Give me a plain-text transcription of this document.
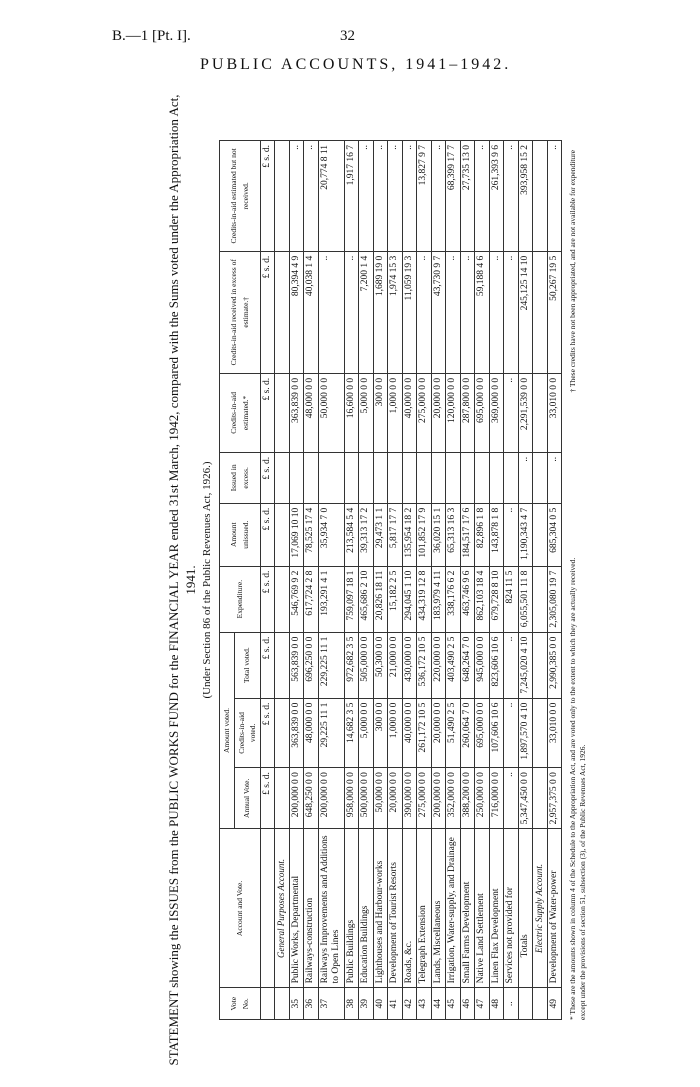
B.—1 [Pt. I].	32
PUBLIC ACCOUNTS, 1941–1942.
STATEMENT showing the ISSUES from the PUBLIC WORKS FUND for the FINANCIAL YEAR ended 31st March, 1942, compared with the Sums voted under the Appropriation Act, 1941. (Under Section 86 of the Public Revenues Act, 1926.)
Vote No.	Account and Vote.	Amount voted.			Expenditure.	Amount unissued.	Issued in excess.	Credits-in-aid estimated.*	Credits-in-aid received in excess of estimate.†	Credits-in-aid estimated but not received.
		Annual Vote.	Credits-in-aid voted.	Total voted.						
		£ s. d.	£ s. d.	£ s. d.	£ s. d.	£ s. d.	£ s. d.	£ s. d.	£ s. d.	£ s. d.
	General Purposes Account.									
35	Public Works, Departmental	200,000 0 0	363,839 0 0	563,839 0 0	546,769 9 2	17,069 10 10		363,839 0 0	80,394 4 9	..
36	Railways-construction	648,250 0 0	48,000 0 0	696,250 0 0	617,724 2 8	78,525 17 4		48,000 0 0	40,038 1 4	..
37	Railways Improvements and Additions to Open Lines	200,000 0 0	29,225 11 1	229,225 11 1	193,291 4 1	35,934 7 0		50,000 0 0	..	20,774 8 11
38	Public Buildings	958,000 0 0	14,682 3 5	972,682 3 5	759,097 18 1	213,584 5 4		16,600 0 0	..	1,917 16 7
39	Education Buildings	500,000 0 0	5,000 0 0	505,000 0 0	465,686 2 10	39,313 17 2		5,000 0 0	7,200 1 4	..
40	Lighthouses and Harbour-works	50,000 0 0	300 0 0	50,300 0 0	20,826 18 11	29,473 1 1		300 0 0	1,689 19 0	..
41	Development of Tourist Resorts	20,000 0 0	1,000 0 0	21,000 0 0	15,182 2 5	5,817 17 7		1,000 0 0	1,974 15 3	..
42	Roads, &c.	390,000 0 0	40,000 0 0	430,000 0 0	294,045 1 10	135,954 18 2		40,000 0 0	11,059 19 3	..
43	Telegraph Extension	275,000 0 0	261,172 10 5	536,172 10 5	434,319 12 8	101,852 17 9		275,000 0 0	..	13,827 9 7
44	Lands, Miscellaneous	200,000 0 0	20,000 0 0	220,000 0 0	183,979 4 11	36,020 15 1		20,000 0 0	43,730 9 7	..
45	Irrigation, Water-supply, and Drainage	352,000 0 0	51,490 2 5	403,490 2 5	338,176 6 2	65,313 16 3		120,000 0 0	..	68,399 17 7
46	Small Farms Development	388,200 0 0	260,064 7 0	648,264 7 0	463,746 9 6	184,517 17 6		287,800 0 0	..	27,735 13 0
47	Native Land Settlement	250,000 0 0	695,000 0 0	945,000 0 0	862,103 18 4	82,896 1 8		695,000 0 0	59,188 4 6	..
48	Linen Flax Development	716,000 0 0	107,606 10 6	823,606 10 6	679,728 8 10	143,878 1 8		369,000 0 0	..	261,393 9 6
..	Services not provided for	..	..	..	824 11 5	..		..	..	..
	Totals	5,347,450 0 0	1,897,570 4 10	7,245,020 4 10	6,055,501 11 8	1,190,343 4 7	..	2,291,539 0 0	245,125 14 10	393,958 15 2
	Electric Supply Account.									
49	Development of Water-power	2,957,375 0 0	33,010 0 0	2,990,385 0 0	2,305,080 19 7	685,304 0 5	..	33,010 0 0	50,267 19 5	..
* These are the amounts shown in column 4 of the Schedule to the Appropriation Act, and are voted only to the extent to which they are actually received. except under the provisions of section 51, subsection (3), of the Public Revenues Act, 1926.
† These credits have not been appropriated, and are not available for expenditure
